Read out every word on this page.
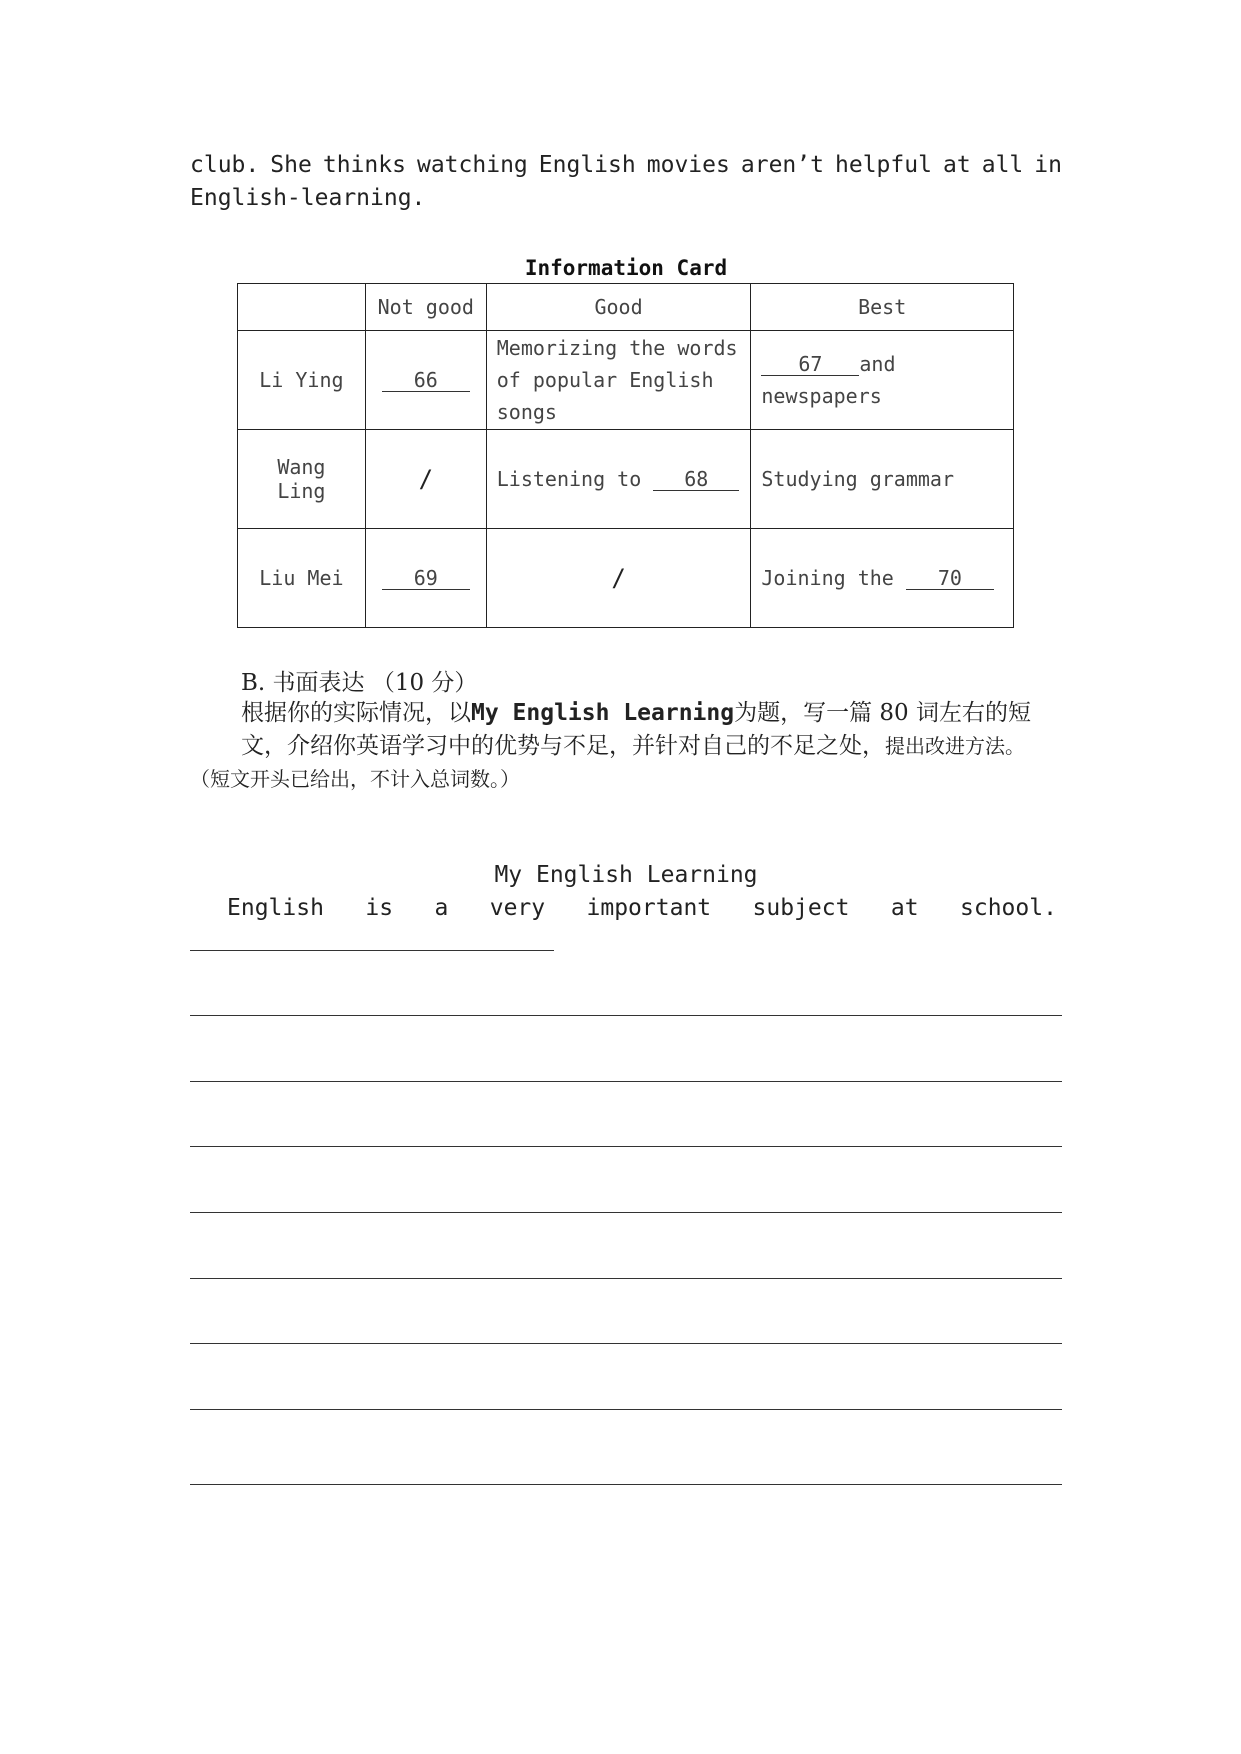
club. She thinks watching English movies aren’t helpful at all in
English-learning.
Information Card
	Not good	Good	Best
Li Ying	66	Memorizing the words of popular English songs	67 and newspapers
Wang Ling	/	Listening to 68	Studying grammar
Liu Mei	69	/	Joining the 70
B. 书面表达 （10 分）
根据你的实际情况，以My English Learning为题，写一篇 80 词左右的短文，介绍你英语学习中的优势与不足，并针对自己的不足之处，提出改进方法。
（短文开头已给出，不计入总词数。）
My English Learning
English is a very important subject at school.
